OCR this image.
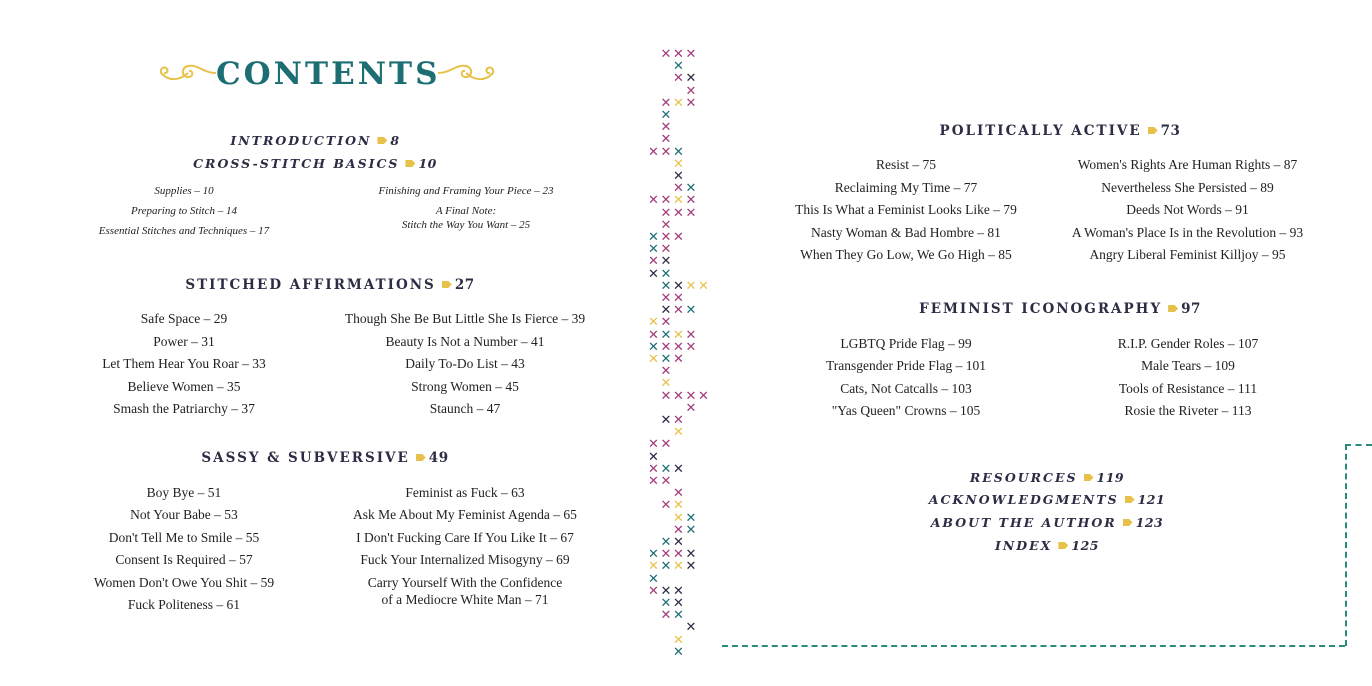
CONTENTS
INTRODUCTION 8
CROSS-STITCH BASICS 10
Supplies – 10
Preparing to Stitch – 14
Essential Stitches and Techniques – 17
Finishing and Framing Your Piece – 23
A Final Note:
Stitch the Way You Want – 25
STITCHED AFFIRMATIONS 27
Safe Space – 29
Power – 31
Let Them Hear You Roar – 33
Believe Women – 35
Smash the Patriarchy – 37
Though She Be But Little She Is Fierce – 39
Beauty Is Not a Number – 41
Daily To-Do List – 43
Strong Women – 45
Staunch – 47
SASSY & SUBVERSIVE 49
Boy Bye – 51
Not Your Babe – 53
Don't Tell Me to Smile – 55
Consent Is Required – 57
Women Don't Owe You Shit – 59
Fuck Politeness – 61
Feminist as Fuck – 63
Ask Me About My Feminist Agenda – 65
I Don't Fucking Care If You Like It – 67
Fuck Your Internalized Misogyny – 69
Carry Yourself With the Confidence
of a Mediocre White Man – 71
✕ ✕ ✕
✕
✕ ✕
✕
✕ ✕ ✕
✕
✕
✕
✕ ✕ ✕
✕
✕
✕ ✕
✕ ✕ ✕ ✕
✕ ✕ ✕
✕
✕ ✕ ✕
✕ ✕
✕ ✕
✕ ✕
✕ ✕ ✕ ✕
✕ ✕
✕ ✕ ✕
✕ ✕
✕ ✕ ✕ ✕
✕ ✕ ✕ ✕
✕ ✕ ✕
✕
✕
✕ ✕ ✕ ✕
✕
✕ ✕
✕
✕ ✕
✕
✕ ✕ ✕
✕ ✕
✕
✕ ✕
✕ ✕
✕ ✕
✕ ✕
✕ ✕ ✕ ✕
✕ ✕ ✕ ✕
✕
✕ ✕ ✕
✕ ✕
✕ ✕
✕
✕
✕
POLITICALLY ACTIVE 73
Resist – 75
Reclaiming My Time – 77
This Is What a Feminist Looks Like – 79
Nasty Woman & Bad Hombre – 81
When They Go Low, We Go High – 85
Women's Rights Are Human Rights – 87
Nevertheless She Persisted – 89
Deeds Not Words – 91
A Woman's Place Is in the Revolution – 93
Angry Liberal Feminist Killjoy – 95
FEMINIST ICONOGRAPHY 97
LGBTQ Pride Flag – 99
Transgender Pride Flag – 101
Cats, Not Catcalls – 103
"Yas Queen" Crowns – 105
R.I.P. Gender Roles – 107
Male Tears – 109
Tools of Resistance – 111
Rosie the Riveter – 113
RESOURCES 119
ACKNOWLEDGMENTS 121
ABOUT THE AUTHOR 123
INDEX 125
